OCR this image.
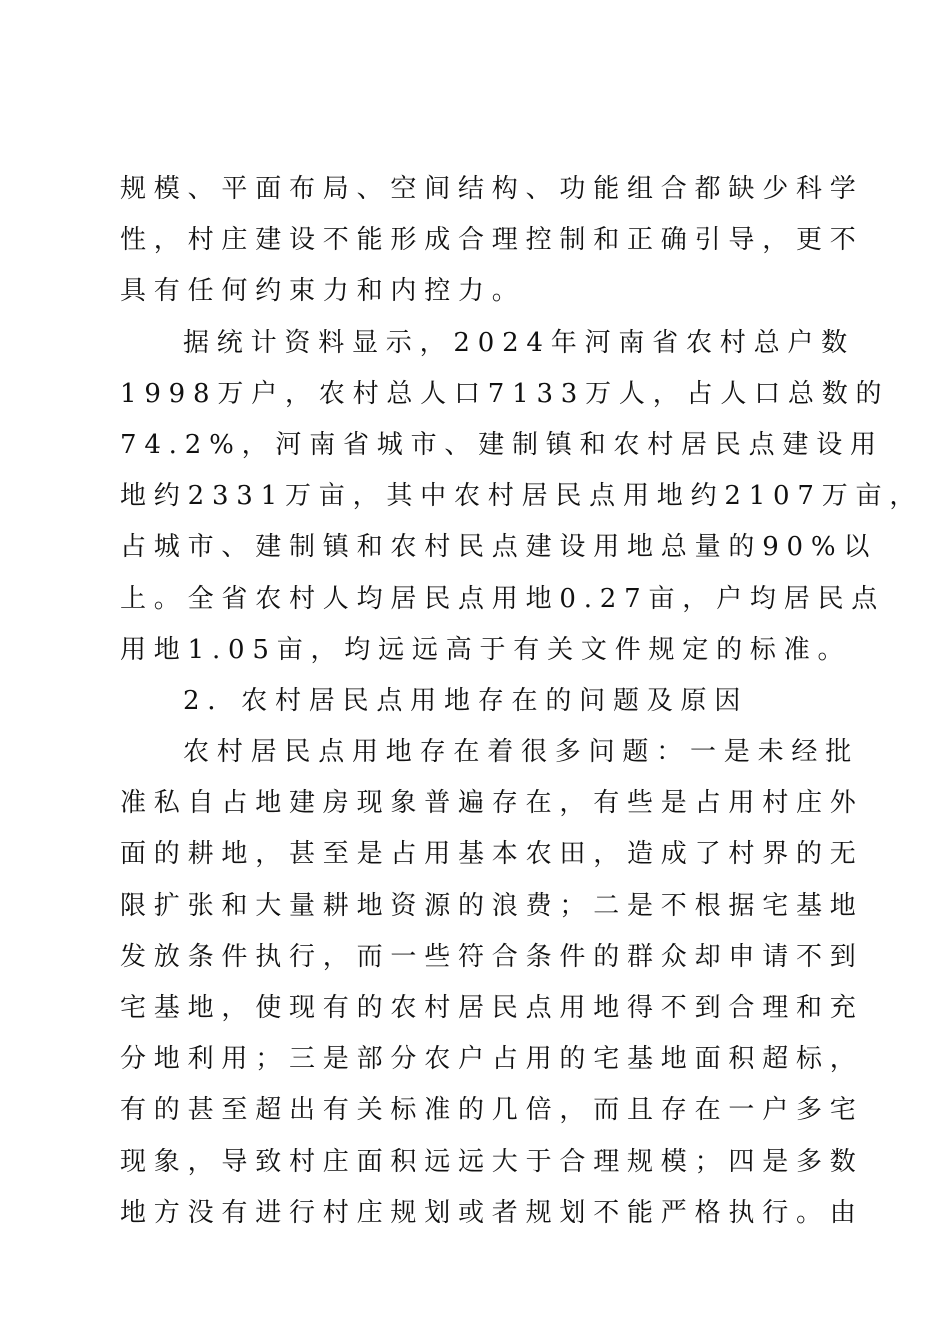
规模、平面布局、空间结构、功能组合都缺少科学

性，村庄建设不能形成合理控制和正确引导，更不

具有任何约束力和内控力。

据统计资料显示，2024年河南省农村总户数

1998万户，农村总人口7133万人，占人口总数的

74.2%，河南省城市、建制镇和农村居民点建设用

地约2331万亩，其中农村居民点用地约2107万亩，

占城市、建制镇和农村民点建设用地总量的90%以

上。全省农村人均居民点用地0.27亩，户均居民点

用地1.05亩，均远远高于有关文件规定的标准。

2．农村居民点用地存在的问题及原因

农村居民点用地存在着很多问题：一是未经批

准私自占地建房现象普遍存在，有些是占用村庄外

面的耕地，甚至是占用基本农田，造成了村界的无

限扩张和大量耕地资源的浪费；二是不根据宅基地

发放条件执行，而一些符合条件的群众却申请不到

宅基地，使现有的农村居民点用地得不到合理和充

分地利用；三是部分农户占用的宅基地面积超标，

有的甚至超出有关标准的几倍，而且存在一户多宅

现象，导致村庄面积远远大于合理规模；四是多数

地方没有进行村庄规划或者规划不能严格执行。由
